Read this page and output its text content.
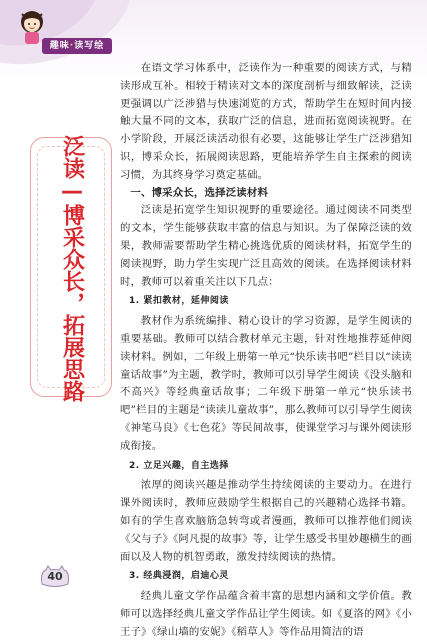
趣味·读写绘
泛
读
—
博
采
众
长
，
拓
展
思
路

在语文学习体系中，泛读作为一种重要的阅读方式，与精读形成互补。相较于精读对文本的深度剖析与细致解读，泛读更强调以广泛涉猎与快速浏览的方式，帮助学生在短时间内接触大量不同的文本，获取广泛的信息，进而拓宽阅读视野。在小学阶段，开展泛读活动很有必要，这能够让学生广泛涉猎知识，博采众长，拓展阅读思路，更能培养学生自主探索的阅读习惯，为其终身学习奠定基础。

一、博采众长，选择泛读材料

泛读是拓宽学生知识视野的重要途径。通过阅读不同类型的文本，学生能够获取丰富的信息与知识。为了保障泛读的效果，教师需要帮助学生精心挑选优质的阅读材料，拓宽学生的阅读视野，助力学生实现广泛且高效的阅读。在选择阅读材料时，教师可以着重关注以下几点：

1. 紧扣教材，延伸阅读

教材作为系统编排、精心设计的学习资源，是学生阅读的重要基础。教师可以结合教材单元主题，针对性地推荐延伸阅读材料。例如，二年级上册第一单元“快乐读书吧”栏目以“读读童话故事”为主题，教学时，教师可以引导学生阅读《没头脑和不高兴》等经典童话故事；二年级下册第一单元“快乐读书吧”栏目的主题是“读读儿童故事”，那么教师可以引导学生阅读《神笔马良》《七色花》等民间故事，使课堂学习与课外阅读形成衔接。

2. 立足兴趣，自主选择

浓厚的阅读兴趣是推动学生持续阅读的主要动力。在进行课外阅读时，教师应鼓励学生根据自己的兴趣精心选择书籍。如有的学生喜欢脑筋急转弯或者漫画，教师可以推荐他们阅读《父与子》《阿凡提的故事》等，让学生感受书里妙趣横生的画面以及人物的机智勇敢，激发持续阅读的热情。

3. 经典浸润，启迪心灵

经典儿童文学作品蕴含着丰富的思想内涵和文学价值。教师可以选择经典儿童文学作品让学生阅读。如《夏洛的网》《小王子》《绿山墙的安妮》《稻草人》等作品用简洁的语

40
